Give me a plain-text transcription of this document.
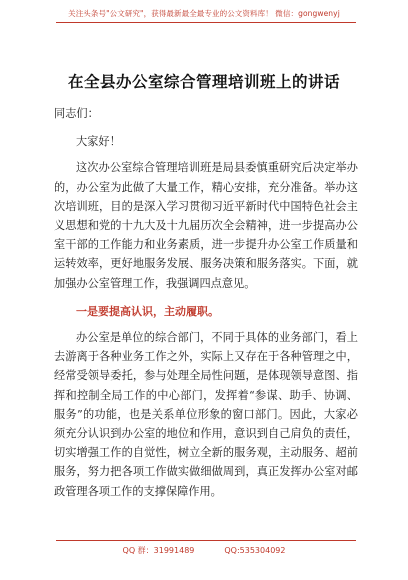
关注头条号"公文研究"，获得最新最全最专业的公文资料库！ 微信：gongwenyj
在全县办公室综合管理培训班上的讲话

同志们：

大家好！

这次办公室综合管理培训班是局县委慎重研究后决定举办的，办公室为此做了大量工作，精心安排，充分准备。举办这次培训班，目的是深入学习贯彻习近平新时代中国特色社会主义思想和党的十九大及十九届历次全会精神，进一步提高办公室干部的工作能力和业务素质，进一步提升办公室工作质量和运转效率，更好地服务发展、服务决策和服务落实。下面，就加强办公室管理工作，我强调四点意见。

一是要提高认识，主动履职。

办公室是单位的综合部门，不同于具体的业务部门，看上去游离于各种业务工作之外，实际上又存在于各种管理之中，经常受领导委托，参与处理全局性问题，是体现领导意图、指挥和控制全局工作的中心部门，发挥着“参谋、助手、协调、服务”的功能，也是关系单位形象的窗口部门。因此，大家必须充分认识到办公室的地位和作用，意识到自己肩负的责任，切实增强工作的自觉性，树立全新的服务观，主动服务、超前服务，努力把各项工作做实做细做周到，真正发挥办公室对邮政管理各项工作的支撑保障作用。

QQ 群：31991489	QQ:535304092
